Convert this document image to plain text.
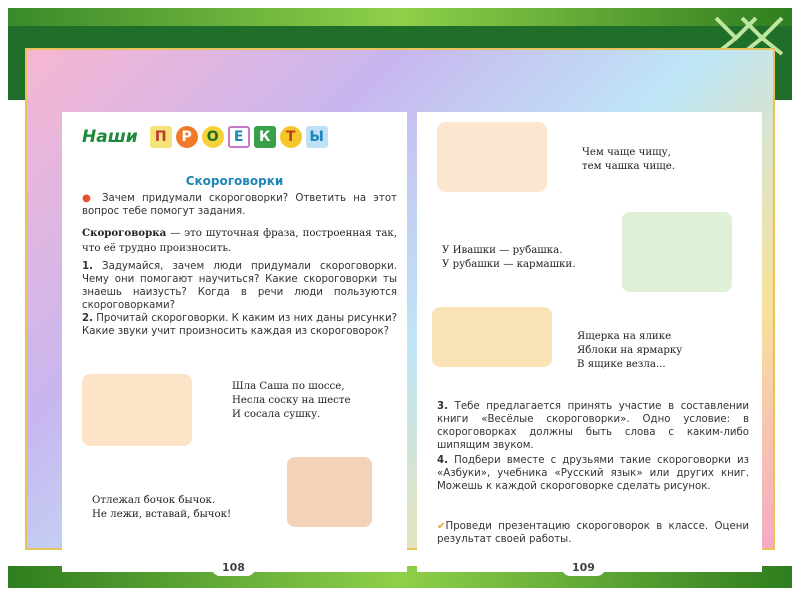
Наши	П	Р	О	Е	К	Т Ы
Скороговорки

● Зачем придумали скороговорки? Ответить на этот вопрос тебе помогут задания.

Скороговорка — это шуточная фраза, построенная так, что её трудно произносить.

1. Задумайся, зачем люди придумали скороговорки. Чему они помогают научиться? Какие скороговорки ты знаешь наизусть? Когда в речи люди пользуются скороговорками?

2. Прочитай скороговорки. К каким из них даны рисунки? Какие звуки учит произносить каждая из скороговорок?

Шла Саша по шоссе,
Несла соску на шесте
И сосала сушку.
Отлежал бочок бычок.
Не лежи, вставай, бычок!
108
Чем чаще чищу,
тем чашка чище.
У Ивашки — рубашка.
У рубашки — кармашки.
Ящерка на ялике
Яблоки на ярмарку
В ящике везла...

3. Тебе предлагается принять участие в составлении книги «Весёлые скороговорки». Одно условие: в скороговорках должны быть слова с каким-либо шипящим звуком.

4. Подбери вместе с друзьями такие скороговорки из «Азбуки», учебника «Русский язык» или других книг. Можешь к каждой скороговорке сделать рисунок.

✔Проведи презентацию скороговорок в классе. Оцени результат своей работы.

109
